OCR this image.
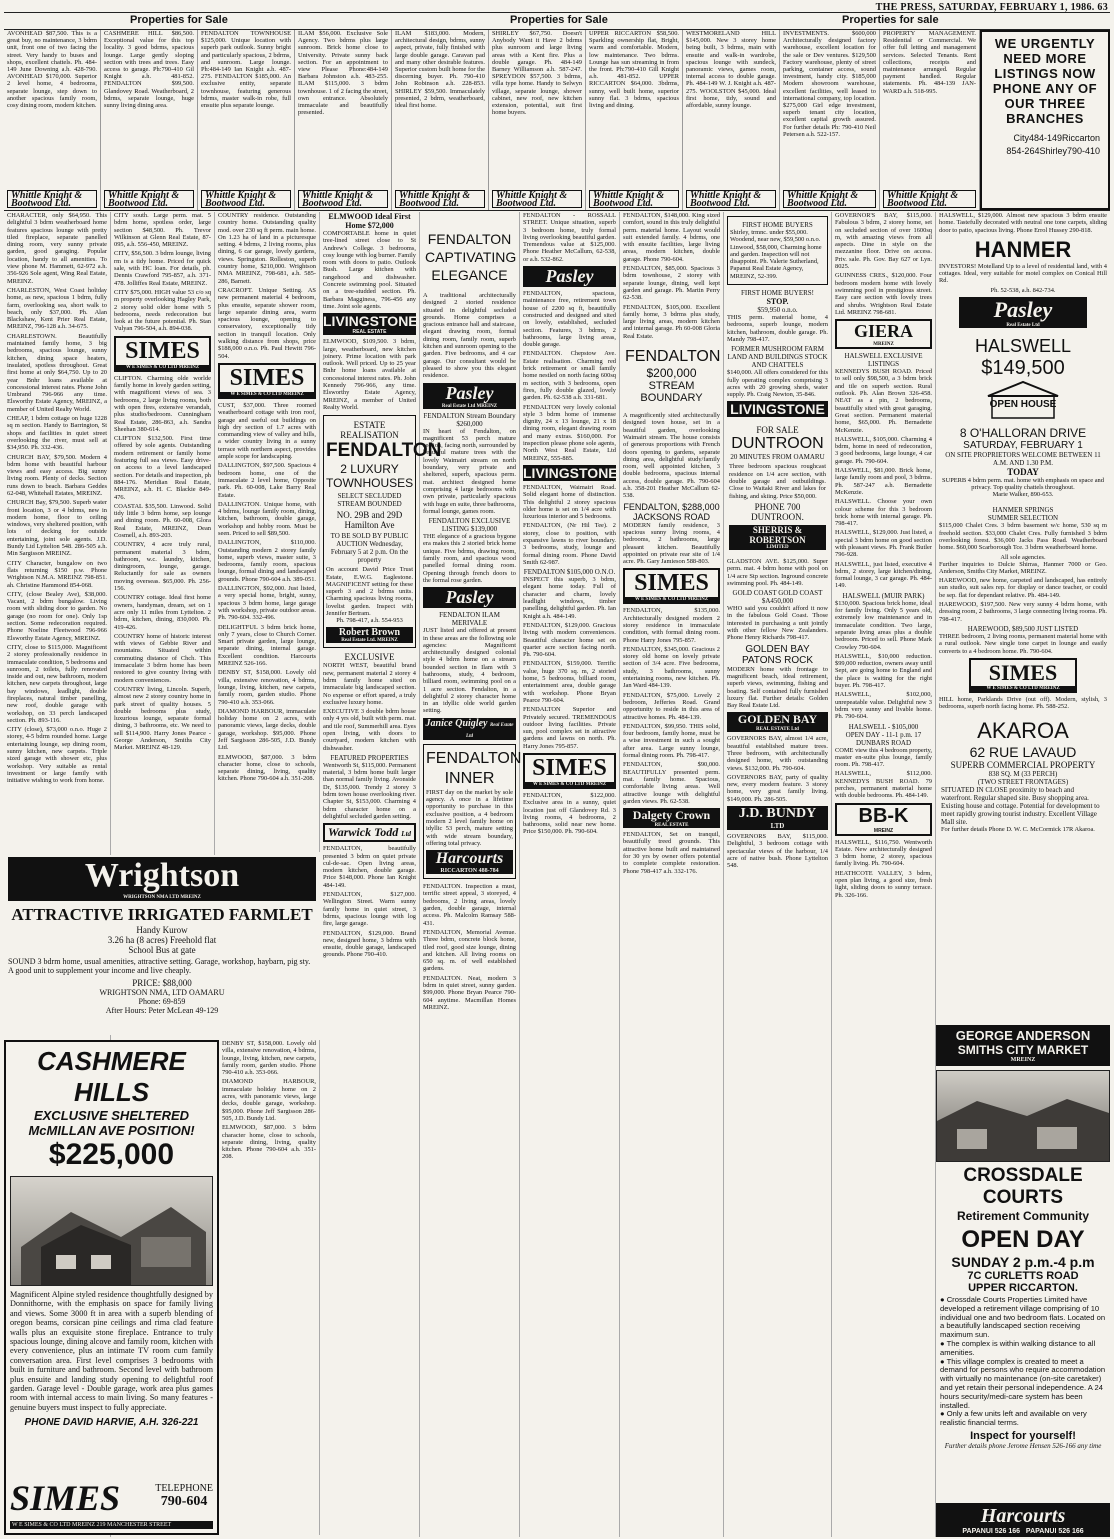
Properties for Sale	Properties for Sale	Properties for sale
THE PRESS, SATURDAY, FEBRUARY 1, 1986. 63

AVONHEAD $87,500. This is a great buy, no maintenance, 3 bdrm unit, front one of two facing the street. Very handy to buses and shops, excellent chattels. Ph. 484-149 June Downing a.h. 428-790. AVONHEAD $170,000. Superior 2 level home, 4 bedrooms, separate lounge, step down to another spacious family room, cosy dining room, modern kitchen.

Whittle Knight & Bootwood Ltd.

CASHMERE HILL $86,500. Exceptional value for this top locality. 3 good bdrms, spacious lounge. Large gently sloping section with trees and trees. Easy access to garage. Ph:790-410 Gil Knight a.h. 481-852. FENDALTON $99,500. Glandovey Road. Weatherboard, 2 bdrms, separate lounge, huge sunny living dining area.

Whittle Knight & Bootwood Ltd.

FENDALTON TOWNHOUSE $125,000. Unique location with superb park outlook. Sunny bright and particularly spacious, 2 bdrms, and sunroom. Large lounge. Ph:484-149 Ian Knight a.h. 487-275. FENDALTON $185,000. An exclusive entity, separate townhouse, featuring generous bdrms, master walk-in robe, full ensuite plus separate lounge.

Whittle Knight & Bootwood Ltd.

ILAM $56,000. Exclusive Sole Agency. Two bdrms plus large sunroom. Brick home close to University. Private sunny back section. For an appointment to view Please Phone:484-149 Barbara Johnston a.h. 483-255. ILAM $115,000. 3 bdrm townhouse. 1 of 2 facing the street, own entrance. Absolutely immaculate and beautifully presented.

Whittle Knight & Bootwood Ltd.

ILAM $183,000. Modern, architectural design, bdrms, sunny aspect, private, fully finished with large double garage. Caravan pad and many other desirable features. Superior custom built home for the discerning buyer. Ph. 790-410 John Robinson a.h. 228-853. SHIRLEY $59,500. Immaculately presented, 2 bdrm, weatherboard, ideal first home.

Whittle Knight & Bootwood Ltd.

SHIRLEY $67,750. Doesn't Anybody Want it Have 2 bdrms plus sunroom and large living areas with a Kent fire. Plus a double garage. Ph. 484-149 Barney Williamson a.h. 587-247. SPREYDON $57,500. 3 bdrms, villa type home. Handy to Selwyn village, separate lounge, shower cabinet, new roof, new kitchen extension, potential, suit first home buyers.

Whittle Knight & Bootwood Ltd.

UPPER RICCARTON $58,500. Sparkling ownership flat, Bright, warm and comfortable. Modern, low maintenance. Two bdrms. Lounge has sun streaming in from the front. Ph:790-410 Gill Knight a.h. 481-852. UPPER RICCARTON $64,000. 3bdrms, sunny, well built home, superior sunny flat. 3 bdrms, spacious living and dining.

Whittle Knight & Bootwood Ltd.

WESTMORELAND HILL $145,000. New 3 storey home being built, 3 bdrms, main with ensuite and walk-in wardrobe, spacious lounge with sundeck, panoramic views, games room, internal access to double garage. Ph. 484-149 W. J. Knight a.h. 487-275. WOOLSTON $45,000. Ideal first home, tidy, sound and affordable, sunny lounge.

Whittle Knight & Bootwood Ltd.

INVESTMENTS. $600,000 Architecturally designed factory warehouse, excellent location for the sale or Dev ventures. $129,500 Factory warehouse, plenty of street parking, container access, sound investment, handy city. $185,000 Modern showroom warehouse, excellent facilities, well leased to international company, top location. $275,000 Girl edge investment, superb tenant city location, excellent capital growth assured. For further details Ph: 790-410 Neil Petersen a.h. 522-157.

Whittle Knight & Bootwood Ltd.

PROPERTY MANAGEMENT. Residential or Commercial. We offer full letting and management services. Selected Tenants. Rent collections, receipts and maintenance arranged. Regular payment handled. Regular statements. Ph. 484-139 JAN-WARD a.h. 518-995.

Whittle Knight & Bootwood Ltd.
WE URGENTLY NEED MORE LISTINGS NOW PHONE ANY OF OUR THREE BRANCHES
Riccarton
484-149
City
790-410
Shirley
854-264

CHARACTER, only $64,950. This delightful 3 bdrm weatherboard home features spacious lounge with pretty tiled fireplace, separate panelled dining room, very sunny private garden, good garaging. Popular location, handy to all amenities. To view phone M. Hammett, 62-972 a.h. 356-926 Sole agent, Wing Real Estate, MREINZ.

CHARLESTON, West Coast holiday home, as new, spacious 1 bdrm, fully farm, overlooking sea, short walk to beach, only $37,000. Ph. Alan Blackshaw, Kent Prier Real Estate, MREINZ, 796-128 a.h. 34-675.

CHARLESTOWN. Beautifully maintained family home, 3 big bedrooms, spacious lounge, sunny kitchen, dining space heaters, insulated, spotless throughout. Great first home at only $64,750. Up to 20 year Bnhr loans available at concessional interest rates. Phone John Umbrand 796-966 any time. Elsworthy Estate Agency, MREINZ, a member of United Realty World.

CHEAP, 1 bdrm cottage on huge 1228 sq m section. Handy to Barrington, St shops and facilities in quiet street overlooking the river, must sell at $34,950. Ph. 332-436.

CHURCH BAY, $79,500. Modern 4 bdrm home with beautiful harbour views and easy access. Big sunny living room. Plenty of decks. Section runs down to beach. Barbara Geddes 62-048, Whitehall Estates, MREINZ.

CHURCH Bay, $79,500. Superb water front location, 3 or 4 bdrms, new in modern home, floor to ceiling windows, very sheltered position, with lots of decking for outside entertaining, joint sole agents. J.D. Bundy Ltd Lyttelton 548. 286-505 a.h. Min Sargisson MREINZ.

CITY Character, bungalow on two flats returning $150 p.w. Phone Wrightson N.M.A. MREINZ 798-851. ah. Christine Hammond 854-068.

CITY, (close Bealey Ave), $38,000. Vacant, 2 bdrm bungalow. Living room with sliding door to garden. No garage (no room for one). Only 1sp section. Some redecoration required. Phone Noeline Fleetwood 796-966 Elsworthy Estate Agency, MREINZ.

CITY, close to $115,000. Magnificent 2 storey professionally residence in immaculate condition, 5 bedrooms and sunroom, 2 toilets, fully renovated inside and out, new bathroom, modern kitchen, new carpets throughout, large bay windows, leadlight, double fireplaces, natural timber panelling, new roof, double garage with workshop, on 33 perch landscaped section. Ph. 893-116.

CITY (close), $73,000 o.n.o. Huge 2 storey, 4-5 bdrm rounded home. Large entertaining lounge, sep dining room, sunny kitchen, new carpets. Triple sized garage with shower etc, plus workshop. Very suitable as rental investment or large family with initiative wishing to work from home.

CITY south. Large perm. mat. 5 bdrm home, spotless order, large section $48,500. Ph. Trevor Wilkinson at Glenn Real Estate, 87-095, a.h. 556-450, MREINZ.

CITY, $56,500. 3 bdrm lounge, living rm is a tidy home. Priced for quick sale, with HC loan. For details, ph. Dennis Crawford 795-857, a.h. 371-478. Jolliffes Real Estate, MREINZ.

CITY $75,000. HIGH value 53 c/o sq m property overlooking Hagley Park, 2 storey solid older home with 5 bedrooms, needs redecoration but look at the future potential. Ph. Stan Vulyan 796-504, a.h. 894-038.

SIMES
W E SIMES & CO LTD MREINZ

CLIFTON. Charming olde worlde family home in lovely garden setting, with magnificent views of sea. 3 bedrooms, 2 large living rooms, both with open fires, extensive verandah, plus studio/bedroom. Cunningham Real Estate, 286-863, a.h. Sandra Sheehan 380-614.

CLIFTON $132,500. First time offered by sole agents. Outstanding modern retirement or family home featuring full sea views. Easy drive-on access to a level landscaped section. For details and inspection, ph 884-176. Meridian Real Estate, MREINZ, a.h. H. C. Blackie 849-476.

COASTAL $35,500. Linwood. Solid tidy little 3 bdrm home, sep lounge and dining room. Ph. 60-008, Glora Real Estate, MREINZ, Dean Cosmell, a.h. 893-203.

COUNTRY, 4 acre truly rural, permanent material 3 bdrm, bathroom, w.c. laundry, kitchen, diningroom, lounge, garage. Reluctantly for sale as owners moving overseas. $65,000. Ph. 256-156.

COUNTRY cottage. Ideal first home owners, handyman, dream, set on 1 acre only 11 miles from Lyttelton. 2 bdrm, kitchen, dining, 830,000. Ph. 419-426.

COUNTRY home of historic interest with views of Gebbie River and mountains. Situated within commuting distance of Chch. This immaculate 3 bdrm home has been restored to give country living with modern conveniences.

COUNTRY living, Lincoln. Superb, almost new 2 storey country home in park street of quality houses. 5 double bedrooms plus study, luxurious lounge, separate formal dining, 3 bathrooms, etc. We need to sell $114,900. Harry Jones Pearce - George Anderson, Smiths City Market. MREINZ 48-129.

Wrightson
WRIGHTSON NMA LTD MREINZ
ATTRACTIVE IRRIGATED FARMLET
Handy Kurow
3.26 ha (8 acres) Freehold flat
School Bus at gate
SOUND 3 bdrm home, usual amenities, attractive setting. Garage, workshop, haybarn, pig sty. A good unit to supplement your income and live cheaply.
PRICE: $88,000
WRIGHTSON NMA, LTD OAMARU
Phone: 69-859
After Hours: Peter McLean 49-129
CASHMERE HILLS
EXCLUSIVE SHELTERED
McMILLAN AVE POSITION!
$225,000
Magnificent Alpine styled residence thoughtfully designed by Donnithorne, with the emphasis on space for family living and views. Some 3000 ft in area with a superb blending of oregon beams, corsican pine ceilings and rima clad feature walls plus an exquisite stone fireplace. Entrance to truly spacious lounge, dining alcove and family room, kitchen with every convenience, plus an intimate TV room cum family conversation area. First level comprises 3 bedrooms with built in furniture and bathroom. Second level with bathroom plus ensuite and landing study opening to delightful roof garden. Garage level - Double garage, work area plus games room with internal access to main living. So many features - genuine buyers must inspect to fully appreciate.
PHONE DAVID HARVIE, A.H. 326-221
SIMES	TELEPHONE
790-604
W E SIMES & CO LTD MREINZ 219 MANCHESTER STREET

COUNTRY residence. Outstanding country home. Outstanding quality mod. over 230 sq ft perm. main home. On 1.23 ha of land in a picturesque setting. 4 bdrms, 2 living rooms, plus dining, 6 car garage, lovely gardens, views. Springston. Rolleston, superb country home, $210,000. Wrightson NMA MREINZ, 798-681, a.h. 585-286, Barnett.

CRACROFT. Unique Setting. AS new permanent material 4 bedroom, plus ensuite, separate shower room, large separate dining area, warm spacious lounge, opening to conservatory, exceptionally tidy section in tranquil location. Only walking distance from shops, price $188,000 o.n.o. Ph. Paul Hewitt 796-504.

SIMES
W E SIMES & CO LTD MREINZ

CUST, $37,000. Three roomed weatherboard cottage with iron roof, garage and useful out buildings on high dry section of 1.7 acres with commanding view of valley and hills, a wider country living in a sunny terrace with northern aspect, provides ample scope for landscaping.

DALLINGTON, $97,500. Spacious 4 bedroom home, one of the immaculate 2 level home, Opposite park. Ph. 60-008, Lake Barry Real Estate.

DALLINGTON. Unique home, with 4 bdrms, lounge family room, dining, kitchen, bathroom, double garage, workshop and hobby room. Must be seen. Priced to sell $89,500.

DALLINGTON, $110,000. Outstanding modern 2 storey family home, superb views, master suite, 3 bedrooms, family room, spacious lounge, formal dining and landscaped grounds. Phone 790-604 a.h. 389-051.

DALLINGTON, $92,000. Just listed, a very special home, bright, sunny, spacious 3 bdrm home, large garage with workshop, private outdoor areas. Ph. 790-604. 332-496.

DELIGHTFUL 3 bdrm brick home, only 7 years, close to Church Corner. Smart private garden, large lounge, separate dining, internal garage. Excellent condition. Harcourts MREINZ 526-166.

DENBY ST, $158,000. Lovely old villa, extensive renovation, 4 bdrms, lounge, living, kitchen, new carpets, family room, garden studio. Phone 790-410 a.h. 353-066.

DIAMOND HARBOUR, immaculate holiday home on 2 acres, with panoramic views, large decks, double garage, workshop. $95,000. Phone Jeff Sargisson 286-505, J.D. Bundy Ltd.

ELMWOOD, $87,000. 3 bdrm character home, close to schools, separate dining, living, quality kitchen. Phone 790-604 a.h. 351-208.

DENBY ST, $158,000. Lovely old villa, extensive renovation, 4 bdrms, lounge, living, kitchen, new carpets, family room, garden studio. Phone 790-410 a.h. 353-066.

DIAMOND HARBOUR, immaculate holiday home on 2 acres, with panoramic views, large decks, double garage, workshop. $95,000. Phone Jeff Sargisson 286-505, J.D. Bundy Ltd.

ELMWOOD, $87,000. 3 bdrm character home, close to schools, separate dining, living, quality kitchen. Phone 790-604 a.h. 351-208.

ELMWOOD Ideal First Home $72,000

COMFORTABLE home in quiet tree-lined street close to St Andrew's College. 3 bedrooms, cosy lounge with log burner. Family room with doors to patio. Outlook Bush. Large kitchen with rangehood and dishwasher. Concrete swimming pool. Situated on a tree-studded section. Ph. Barbara Magginess, 796-456 any time. Joint sole agents.

LIVINGSTONE
REAL ESTATE

ELMWOOD, $109,500. 3 bdrm, large, weatherboard, new kitchen joinery. Prime location with park outlook. Well priced. Up to 25 year Bnhr home loans available at concessional interest rates. Ph. John Kennedy 796-966, any time. Elsworthy Estate Agency, MREINZ, a member of United Realty World.

ESTATE REALISATION
FENDALTON
2 LUXURY TOWNHOUSES
SELECT SECLUDED STREAM BOUNDED
NO. 29B and 29D Hamilton Ave
TO BE SOLD BY PUBLIC AUCTION Wednesday, February 5 at 2 p.m. On the property
On account David Price Trust Estate, E.W.G. Eaglestone. MAGNIFICENT setting for these superb 3 and 2 bdrms units. Charming spacious living rooms, lovelist garden. Inspect with Jennifer Bertram.
Ph. 798-417, a.h. 554-953
Robert Brown
Real Estate Ltd. MREINZ
EXCLUSIVE

NORTH WEST, beautiful brand new, permanent material 2 storey 4 bdrm family home sited on immaculate big landscaped section. No expense or effort spared, a truly exclusive luxury home.

EXECUTIVE 3 double bdrm house only 4 yrs old, built with perm. mat. and tile roof, Summerhill area. Eyes open living, with doors to courtyard, modern kitchen with dishwasher.

FEATURED PROPERTIES

Wentworth St, $115,000. Permanent material, 3 bdrm home built larger than normal family living. Avonside Dr, $135,000. Trendy 2 storey 3 bdrm town house overlooking river. Chapter St, $153,000. Charming 4 bdrm character home on a delightful secluded garden setting.

Warwick Todd Ltd

FENDALTON, beautifully presented 3 bdrm on quiet private cul-de-sac. Open living areas, modern kitchen, double garage. Price $148,000. Phone Ian Knight 484-149.

FENDALTON, $127,000. Wellington Street. Warm sunny family home in quiet street, 3 bdrms, spacious lounge with log fire, large garage.

FENDALTON, $129,000. Brand new, designed home, 3 bdrms with ensuite, double garage, landscaped grounds. Phone 790-410.

FENDALTON CAPTIVATING ELEGANCE

A traditional architecturally designed 2 storied residence situated in delightful secluded grounds. Home comprises a gracious entrance hall and staircase, elegant drawing room, formal dining room, family room, superb kitchen and sunroom opening to the garden. Five bedrooms, and 4 car garage. Our consultant would be pleased to show you this elegant residence.

Pasley
Real Estate Ltd MREINZ
FENDALTON Stream Boundary $260,000

IN heart of Fendalton, on magnificent 53 perch mature section, facing north, surrounded by beautiful mature trees with the lovely Waimairi stream on north boundary, very private and sheltered, superb, spacious perm. mat. architect designed home comprising 4 large bedrooms with own private, particularly spacious with huge en suite, three bathrooms, formal lounge, games room.

FENDALTON EXCLUSIVE LISTING $139,000

THE elegance of a gracious bygone era makes this 2 storied brick home unique. Five bdrms, drawing room, family room, and spacious wood panelled formal dining room. Opening through french doors to the formal rose garden.

Pasley
FENDALTON ILAM MERIVALE

JUST listed and offered at present in these areas are the following sole agencies: Magnificent architecturally designed colonial style 4 bdrm home on a stream bounded section in Ilam with 3 bathrooms, study, 4 bedroom, billiard room, swimming pool on a 1 acre section. Fendalton, in a delightful 2 storey character home in an idyllic olde world garden setting.

Janice Quigley Real Estate Ltd
FENDALTON INNER
FIRST day on the market by sole agency. A once in a lifetime opportunity to purchase in this exclusive position, a 4 bedroom modern 2 level family home on idyllic 53 perch, mature setting with wide stream boundary, offering total privacy.
Harcourts
RICCARTON 488-784

FENDALTON. Inspection a must, terrific street appeal, 3 storeyed, 4 bedrooms, 2 living areas, lovely garden, double garage, internal access. Ph. Malcolm Ramsay 588-431.

FENDALTON, Memorial Avenue. Three bdrm, concrete block home, tiled roof, good size lounge, dining and kitchen. All living rooms on 650 sq. m. of well established gardens.

FENDALTON. Neat, modern 3 bdrm in quiet street, sunny garden. $99,000. Phone Bryan Pearce 790-604 anytime. Macmillan Homes MREINZ.

FENDALTON - ROSSALL STREET. Unique situation, superb 3 bedroom home, truly formal living overlooking beautiful garden. Tremendous value at $125,000. Phone Heather McCallum, 62-538, or a.h. 532-862.

Pasley

FENDALTON, spacious, maintenance free, retirement town house of 2200 sq ft, beautifully constructed and designed and sited on lovely, established, secluded section. Features, 3 bdrms, 2 bathrooms, large living areas, double garage.

FENDALTON. Chepstow Ave. Estate realisation. Charming red brick retirement or small family home nestled on north facing 600sq m section, with 3 bedrooms, open fires, fully double glazed, lovely garden. Ph. 62-538 a.h. 331-681.

FENDALTON very lovely colonial style 3 bdrm home of immense dignity, 24 x 13 lounge, 21 x 18 dining room, elegant drawing room and many extras. $160,000. For inspection please phone sole agents, North West Real Estate, Ltd MREINZ, 555-885.

LIVINGSTONE

FENDALTON, Waimairi Road. Solid elegant home of distinction. This delightful 2 storey spacious older home is set on 1/4 acre with luxurious interior and 5 bedrooms.

FENDALTON, (Nr Hil Tee). 2 storey, close to position, with expansive lawns to river boundary. 3 bedrooms, study, lounge and formal dining room. Phone David Smith 62-987.

FENDALTON $105,000 O.N.O.

INSPECT this superb, 3 bdrm, elegant home today. Full of character and charm, lovely leadlight windows, timber panelling, delightful garden. Ph. Ian Knight a.h. 484-149.

FENDALTON, $129,000. Gracious living with modern conveniences. Beautiful character home set on quarter acre section facing north. Ph. 790-604.

FENDALTON, $159,000. Terrific value, huge 370 sq. m, 2 storied home, 5 bedrooms, billiard room, entertainment area, double garage with workshop. Phone Bryan Pearce 790-604.

FENDALTON Superior and Privately secured. TREMENDOUS outdoor living facilities. Private sun, pool complex set in attractive gardens and lawns on north. Ph. Harry Jones 795-857.

SIMES
W E SIMES & CO LTD MREINZ

FENDALTON, $122,000. Exclusive area in a sunny, quiet location just off Glandovey Rd. 3 living rooms, 4 bedrooms, 2 bathrooms, solid near new home. Price $150,000. Ph. 790-604.

FENDALTON, $148,000. King sized comfort, sound in this truly delightful perm. material home. Layout would suit extended family. 4 bdrms, one with ensuite facilities, large living areas, modern kitchen, double garage. Phone 790-604.

FENDALTON, $85,000. Spacious 3 bdrm townhouse, 2 storey with separate lounge, dining, well kept garden and garage. Ph. Martin Perry 62-538.

FENDALTON, $105,000. Excellent family home, 3 bdrms plus study, large living areas, modern kitchen and internal garage. Ph 60-008 Gloria Real Estate.

FENDALTON
$200,000
STREAM BOUNDARY

A magnificently sited architecturally designed town house, set in a beautiful garden, overlooking Waimairi stream. The house consists of generous proportions with French doors opening to gardens, separate dining area, delightful study/family room, well appointed kitchen, 3 double bedrooms, spacious internal access, double garage. Ph. 790-604 a.h. 358-201 Heather McCallum 62-538.

FENDALTON, $288,000 JACKSONS ROAD

MODERN family residence, 3 spacious sunny living rooms, 4 bedrooms, 2 bathrooms, large pleasant kitchen. Beautifully appointed on private rear site of 1/4 acre. Ph. Gary Jamieson 588-803.

SIMES
W E SIMES & CO LTD MREINZ

FENDALTON, $135,000. Architecturally designed modern 2 storey residence in immaculate condition, with formal dining room. Phone Harry Jones 795-857.

FENDALTON, $345,000. Gracious 2 storey old home on lovely private section of 3/4 acre. Five bedrooms, study, 3 bathrooms, sunny entertaining rooms, new kitchen. Ph. Jan Ward 484-139.

FENDALTON, $75,000. Lovely 2 bedroom, Jefferies Road. Grand opportunity to reside in this area of attractive homes. Ph. 484-139.

FENDALTON, $99,950. THIS solid, four bedroom, family home, must be a wise investment in such a sought after area. Large sunny lounge, formal dining room. Ph. 798-417.

FENDALTON, $90,000. BEAUTIFULLY presented perm. mat. family home. Spacious, comfortable living areas. Well attractive lounge with delightful garden views. Ph. 62-538.

Dalgety Crown
REAL ESTATE

FENDALTON, Set on tranquil, beautifully treed grounds. This attractive home built and maintained for 30 yrs by owner offers potential to complete complete restoration. Phone 798-417 a.h. 332-176.

FIRST HOME BUYERS
Shirley, trmnc. under $55,000. Woodend, near new, $59,500 o.n.o. Linwood, $58,000, Charming home and garden. Inspection will not disappoint. Ph. Valerie Sutherland, Papanui Real Estate Agency, MREINZ, 52-399.
FIRST HOME BUYERS!
STOP.
$59,950 o.n.o.

THIS perm. material home, 4 bedrooms, superb lounge, modern kitchen, bathroom, double garage. Ph. Mandy 798-417.

FORMER MUSHROOM FARM LAND AND BUILDINGS STOCK AND CHATTELS

$140,000. All offers considered for this fully operating complex comprising 3 acres with 20 growing sheds, water supply. Ph. Craig Newton, 35-846.

LIVINGSTONE
FOR SALE
DUNTROON
20 MINUTES FROM OAMARU
Three bedroom spacious roughcast residence on 1/4 acre section, with double garage and outbuildings. Close to Waitaki River and lakes for fishing, and skiing. Price $50,000.
PHONE 700 DUNTROON.
SHERRIS & ROBERTSON
LIMITED

GLADSTON AVE. $125,000. Super perm. mat. 4 bdrm home with pool on 1/4 acre Stp section. Inground concrete swimming pool. Ph. 484-149.

GOLD COAST GOLD COAST
$A450,000

WHO said you couldn't afford it now in the fabulous Gold Coast. Those interested in purchasing a unit jointly with other fellow New Zealanders. Phone Henry Richards 798-417.

GOLDEN BAY PATONS ROCK

MODERN home with frontage to magnificent beach, ideal retirement, superb views, swimming, fishing and boating. Self contained fully furnished luxury flat. Further details: Golden Bay Real Estate Ltd.

GOLDEN BAY
REAL ESTATE Ltd

GOVERNORS BAY, almost 1/4 acre, beautiful established mature trees. Three bedroom, with architecturally designed home, with outstanding views. $132,000. Ph. 790-604.

GOVERNORS BAY, party of quality new, every modern feature. 3 storey home, very great family living. $149,000. Ph. 286-505.

J.D. BUNDY
LTD

GOVERNORS BAY, $115,000. Delightful, 3 bedroom cottage with spectacular views of the harbour, 1/4 acre of native bush. Phone Lyttelton 548.

GOVERNOR'S BAY, $115,000. Fabulous 3 bdrm, 2 storey home, set on secluded section of over 1600sq m, with amazing views from all aspects. Dine in style on the mezzanine floor. Drive on access. Priv. sale. Ph. Gov. Bay 627 or Lyn. 8025.

GUINNESS CRES., $120,000. Four bedroom modern home with lovely swimming pool in prestigious street. Easy care section with lovely trees and shrubs. Wrightson Real Estate Ltd. MREINZ 798-681.

GIERA
MREINZ
HALSWELL EXCLUSIVE LISTINGS

KENNEDYS BUSH ROAD. Priced to sell only $98,500, a 3 bdrm brick and tile on superb section. Rural outlook. Ph. Alan Brown 326-458. NEAT as a pin, 2 bedrooms, beautifully sited with great garaging. Great section. Permanent material home, $65,000. Ph. Bernadette McKenzie.

HALSWELL, $105,000. Charming 4 bdrm, home in need of redecoration, 3 good bedrooms, large lounge, 4 car garage. Ph. 790-604.

HALSWELL, $81,000. Brick home, large family room and pool, 3 bdrms. Ph. 587-247 a.h. Bernadette McKenzie.

HALSWELL. Choose your own colour scheme for this 3 bedroom brick home with internal garage. Ph. 798-417.

HALSWELL, $129,000. Just listed, a special 3 bdrm home on good section with pleasant views. Ph. Frank Butler 796-928.

HALSWELL, just listed, executive 4 bdrm, 2 storey, large kitchen/dining, formal lounge, 3 car garage. Ph. 484-149.

HALSWELL (MUIR PARK)

$130,000. Spacious brick home, ideal for family living. Only 5 years old, extremely low maintenance and in immaculate condition. Two large, separate living areas plus a double bedroom. Priced to sell. Phone Mark Crowley 790-604.

HALSWELL, $10,000 reduction. $99,000 reduction, owners away until Sept, are going home to England and the place is waiting for the right buyer. Ph. 798-417.

HALSWELL, $102,000, unrepeatable value. Delightful new 3 bdrm very sunny and livable home. Ph. 790-604.

HALSWELL - $105,000
OPEN DAY - 11-1 p.m. 17 DUNBARS ROAD

COME view this 4 bedroom property, master en-suite plus lounge, family room. Ph. 798-417.

HALSWELL, $112,000. KENNEDYS BUSH ROAD. 79 perches, permanent material home with double bedrooms. Ph. 484-149.

BB-K
MREINZ

HALSWELL, $116,750. Wentworth Estate. New architecturally designed 3 bdrm home, 2 storey, spacious family living. Ph. 790-604.

HEATHCOTE VALLEY, 3 bdrm, open plan living, a good size, fresh light, sliding doors to sunny terrace. Ph. 326-166.

HALSWELL, $129,000. Almost new spacious 3 bdrm ensuite home. Tastefully decorated with neutral one tone carpets, sliding door to patio, spacious living. Phone Errol Hussey 290-818.

HANMER

INVESTORS! Motelland Up to a level of residential land, with 4 cottages. Ideal, very suitable for motel complex on Conical Hill Rd.

Ph. 52-538, a.h. 842-734.
Pasley
Real Estate Ltd
HALSWELL
$149,500
OPEN HOUSE
8 O'HALLORAN DRIVE
SATURDAY, FEBRUARY 1
ON SITE PROPRIETORS WELCOME BETWEEN 11 A.M. AND 1.30 P.M.
TODAY
SUPERB 4 bdrm perm. mat. home with emphasis on space and privacy. Top quality chattels throughout.
Marie Walker, 890-653.
HANMER SPRINGS
SUMMER SELECTION

$115,000 Chalet Cres. 3 bdrm basement w/c home, 530 sq m freehold section. $33,000 Chalet Cres. Fully furnished 3 bdrm overlooking forest. $36,000 Jacks Pass Road. Weatherboard home. $60,000 Scarborough Tce. 3 bdrm weatherboard home.

All sole agencies.

Further inquiries to Dulcie Shirras, Hanmer 7000 or Geo. Anderson, Smiths City Market, MREINZ.

HAREWOOD, new home, carpeted and landscaped, has entirely sun studio, suit sales rep. for display or dance teacher, or could be sep. flat for dependant relative. Ph. 484-149.

HAREWOOD, $197,500. New very sunny 4 bdrm home, with dressing room, 2 bathrooms, 3 large connecting living rooms. Ph. 798-417.

HAREWOOD, $89,500 JUST LISTED

THREE bedroom, 2 living rooms, permanent material home with a rural outlook. New single tone carpet in lounge and easily converts to a 4 bedroom home. Ph. 790-604.

SIMES
W E SIMES & CO LTD MREINZ

HILL home, Parklands Drive (out off). Modern, stylish, 3 bedrooms, superb north facing home. Ph. 588-252.

AKAROA
62 RUE LAVAUD
SUPERB COMMERCIAL PROPERTY
838 SQ. M (33 PERCH)
(TWO STREET FRONTAGES)
SITUATED IN CLOSE proximity to beach and waterfront. Regular shaped site. Busy shopping area. Existing house and cottage. Potential for development to meet rapidly growing tourist industry. Excellent Village Mall site.
For further details Phone D. W. C. McCormick 17R Akaroa.
GEORGE ANDERSON
SMITHS CITY MARKET
MREINZ
CROSSDALE COURTS
Retirement Community
OPEN DAY
SUNDAY 2 p.m.-4 p.m
7C CURLETTS ROAD
UPPER RICCARTON.
● Crossdale Courts Properties Limited have developed a retirement village comprising of 10 individual one and two bedroom flats. Located on a beautifully landscaped section receiving maximum sun.
● The complex is within walking distance to all amenities.
● This village complex is created to meet a demand for persons who require accommodation with virtually no maintenance (on-site caretaker) and yet retain their personal independence. A 24 hours security/medi-care system has been installed.
● Only a few units left and available on very realistic financial terms.
Inspect for yourself!
Further details phone Jerome Hensen 526-166 any time
Harcourts
PAPANUI 526 166 PAPANUI 526 166
